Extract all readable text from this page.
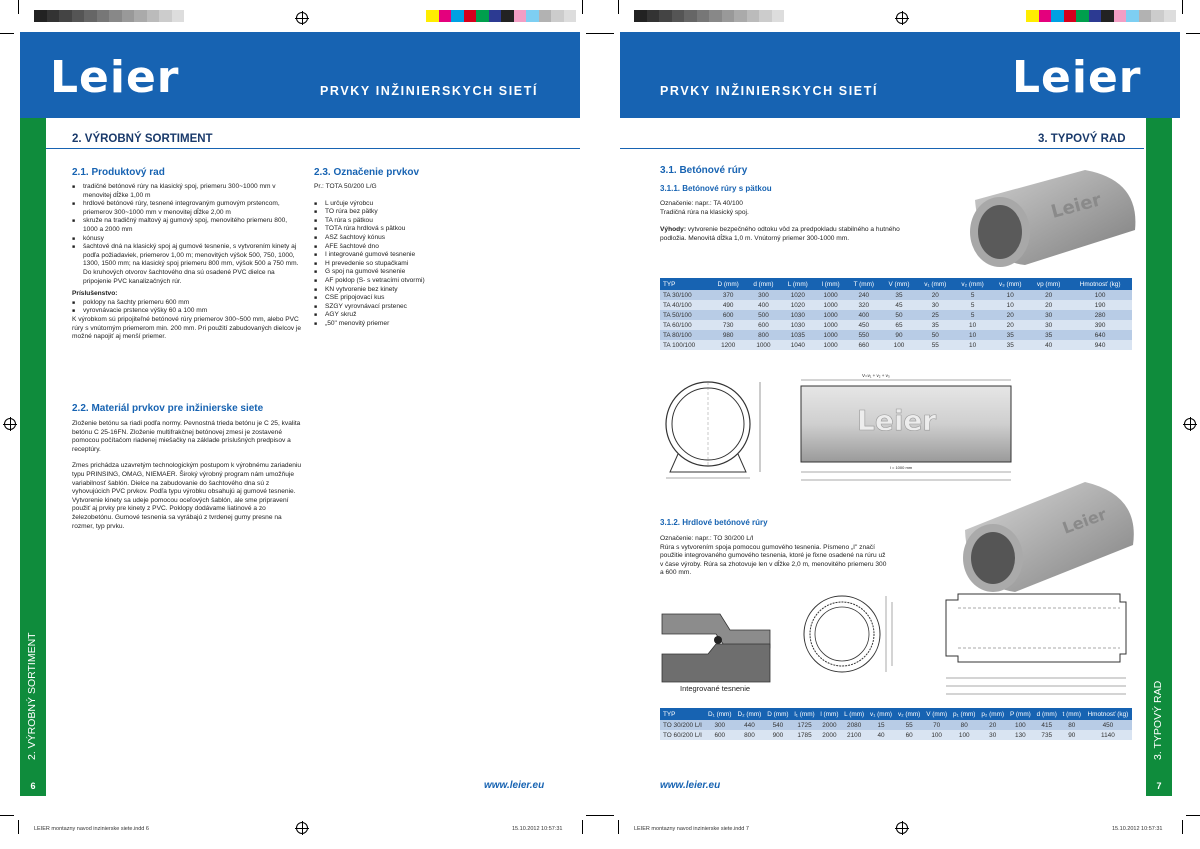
Leier	PRVKY INŽINIERSKYCH SIETÍ
2. VÝROBNÝ SORTIMENT
6
2. VÝROBNÝ SORTIMENT
2.1. Produktový rad
■ tradičné betónové rúry na klasický spoj, priemeru 300~1000 mm v menovitej dĺžke 1,00 m
■ hrdlové betónové rúry, tesnené integrovaným gumovým prstencom, priemerov 300~1000 mm v menovitej dĺžke 2,00 m
■ skruže na tradičný maltový aj gumový spoj, menovitého priemeru 800, 1000 a 2000 mm
■ kónusy
■ šachtové dná na klasický spoj aj gumové tesnenie, s vytvorením kinety aj podľa požiadaviek, priemerov 1,00 m; menovitých výšok 500, 750, 1000, 1300, 1500 mm; na klasický spoj priemeru 800 mm, výšok 500 a 750 mm. Do kruhových otvorov šachtového dna sú osadené PVC dielce na pripojenie PVC kanalizačných rúr.
Príslušenstvo:
■ poklopy na šachty priemeru 600 mm
■ vyrovnávacie prstence výšky 60 a 100 mm
K výrobkom sú pripojiteľné betónové rúry priemerov 300~500 mm, alebo PVC rúry s vnútorným priemerom min. 200 mm. Pri použití zabudovaných dielcov je možné napojiť aj menší priemer.
2.2. Materiál prvkov pre inžinierske siete
Zloženie betónu sa riadi podľa normy. Pevnostná trieda betónu je C 25, kvalita betónu C 25-16FN. Zloženie multifrakčnej betónovej zmesi je zostavené pomocou počítačom riadenej miešačky na základe príslušných predpisov a receptúry.
Zmes prichádza uzavretým technologickým postupom k výrobnému zariadeniu typu PRINSING, OMAG, NIEMAER. Široký výrobný program nám umožňuje variabilnosť šablón. Dielce na zabudovanie do šachtového dna sú z vyhovujúcich PVC prvkov. Podľa typu výrobku obsahujú aj gumové tesnenie. Vytvorenie kinety sa udeje pomocou oceľových šablón, ale sme pripravení použiť aj prvky pre kinety z PVC. Poklopy dodávame liatinové a zo železobetónu. Gumové tesnenia sa vyrábajú z tvrdenej gumy presne na rozmer, typ prvku.
2.3. Označenie prvkov
Pr.: TOTA 50/200 L/G
■ L určuje výrobcu
■ TO rúra bez pätky
■ TA rúra s pätkou
■ TOTA rúra hrdlová s pätkou
■ ASZ šachtový kónus
■ AFE šachtové dno
■ I integrované gumové tesnenie
■ H prevedenie so stupačkami
■ G spoj na gumové tesnenie
■ AF poklop (S- s vetracími otvormi)
■ KN vytvorenie bez kinety
■ CSE pripojovací kus
■ SZGY vyrovnávací prstenec
■ AGY skruž
■ „50" menovitý priemer
www.leier.eu
LEIER montazny navod inzinierske siete.indd 6	15.10.2012 10:57:31
PRVKY INŽINIERSKYCH SIETÍ	Leier
3. TYPOVÝ RAD
7
3. TYPOVÝ RAD
3.1. Betónové rúry
3.1.1. Betónové rúry s pätkou
Označenie: napr.: TA 40/100
Tradičná rúra na klasický spoj.
Výhody: vytvorenie bezpečného odtoku vôd za predpokladu stabilného a hutného podložia. Menovitá dĺžka 1,0 m. Vnútorný priemer 300-1000 mm.
Leier
TYP	D (mm)	d (mm)	L (mm)	l (mm)	T (mm)	V (mm)	v₁ (mm)	v₂ (mm)	v₃ (mm)	vp (mm)	Hmotnosť (kg)
TA 30/100	370	300	1020	1000	240	35	20	5	10	20	100
TA 40/100	490	400	1020	1000	320	45	30	5	10	20	190
TA 50/100	600	500	1030	1000	400	50	25	5	20	30	280
TA 60/100	730	600	1030	1000	450	65	35	10	20	30	390
TA 80/100	980	800	1035	1000	550	90	50	10	35	35	640
TA 100/100	1200	1000	1040	1000	660	100	55	10	35	40	940
Leier
V=v₁ + v₂ + v₃
l = 1000 mm
3.1.2. Hrdlové betónové rúry
Označenie: napr.: TO 30/200 L/I
Rúra s vytvorením spoja pomocou gumového tesnenia. Písmeno „I" značí použitie integrovaného gumového tesnenia, ktoré je fixne osadené na rúru už v čase výroby. Rúra sa zhotovuje len v dĺžke 2,0 m, menovitého priemeru 300 a 600 mm.
Leier
Integrované tesnenie
TYP	D₁ (mm)	D₂ (mm)	D (mm)	l₁ (mm)	l (mm)	L (mm)	v₁ (mm)	v₂ (mm)	V (mm)	p₁ (mm)	p₂ (mm)	P (mm)	d (mm)	t (mm)	Hmotnosť (kg)
TO 30/200 L/I	300	440	540	1725	2000	2080	15	55	70	80	20	100	415	80	450
TO 60/200 L/I	600	800	900	1785	2000	2100	40	60	100	100	30	130	735	90	1140
www.leier.eu
LEIER montazny navod inzinierske siete.indd 7	15.10.2012 10:57:31
